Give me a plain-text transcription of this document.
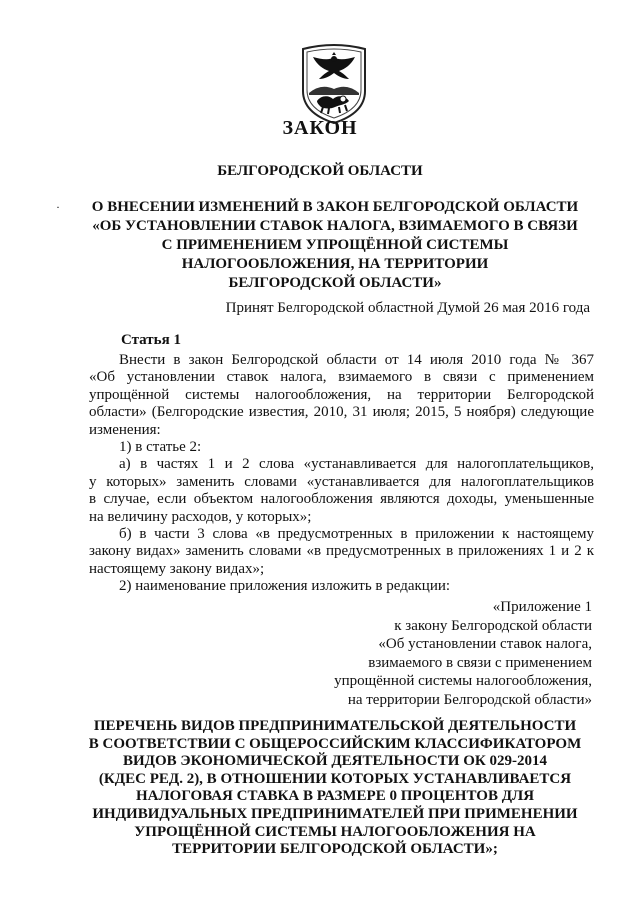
ЗАКОН
БЕЛГОРОДСКОЙ ОБЛАСТИ
·	О ВНЕСЕНИИ ИЗМЕНЕНИЙ В ЗАКОН БЕЛГОРОДСКОЙ ОБЛАСТИ
«ОБ УСТАНОВЛЕНИИ СТАВОК НАЛОГА, ВЗИМАЕМОГО В СВЯЗИ
С ПРИМЕНЕНИЕМ УПРОЩЁННОЙ СИСТЕМЫ
НАЛОГООБЛОЖЕНИЯ, НА ТЕРРИТОРИИ
БЕЛГОРОДСКОЙ ОБЛАСТИ»
Принят Белгородской областной Думой 26 мая 2016 года
Статья 1
Внести в закон Белгородской области от 14 июля 2010 года № 367
«Об установлении ставок налога, взимаемого в связи с применением
упрощённой системы налогообложения, на территории Белгородской
области» (Белгородские известия, 2010, 31 июля; 2015, 5 ноября) следующие
изменения:
1) в статье 2:
а) в частях 1 и 2 слова «устанавливается для налогоплательщиков,
у которых» заменить словами «устанавливается для налогоплательщиков
в случае, если объектом налогообложения являются доходы, уменьшенные
на величину расходов, у которых»;
б) в части 3 слова «в предусмотренных в приложении к настоящему
закону видах» заменить словами «в предусмотренных в приложениях 1 и 2 к
настоящему закону видах»;
2) наименование приложения изложить в редакции:
«Приложение 1
к закону Белгородской области
«Об установлении ставок налога,
взимаемого в связи с применением
упрощённой системы налогообложения,
на территории Белгородской области»
ПЕРЕЧЕНЬ ВИДОВ ПРЕДПРИНИМАТЕЛЬСКОЙ ДЕЯТЕЛЬНОСТИ
В СООТВЕТСТВИИ С ОБЩЕРОССИЙСКИМ КЛАССИФИКАТОРОМ
ВИДОВ ЭКОНОМИЧЕСКОЙ ДЕЯТЕЛЬНОСТИ ОК 029-2014
(КДЕС РЕД. 2), В ОТНОШЕНИИ КОТОРЫХ УСТАНАВЛИВАЕТСЯ
НАЛОГОВАЯ СТАВКА В РАЗМЕРЕ 0 ПРОЦЕНТОВ ДЛЯ
ИНДИВИДУАЛЬНЫХ ПРЕДПРИНИМАТЕЛЕЙ ПРИ ПРИМЕНЕНИИ
УПРОЩЁННОЙ СИСТЕМЫ НАЛОГООБЛОЖЕНИЯ НА
ТЕРРИТОРИИ БЕЛГОРОДСКОЙ ОБЛАСТИ»;
